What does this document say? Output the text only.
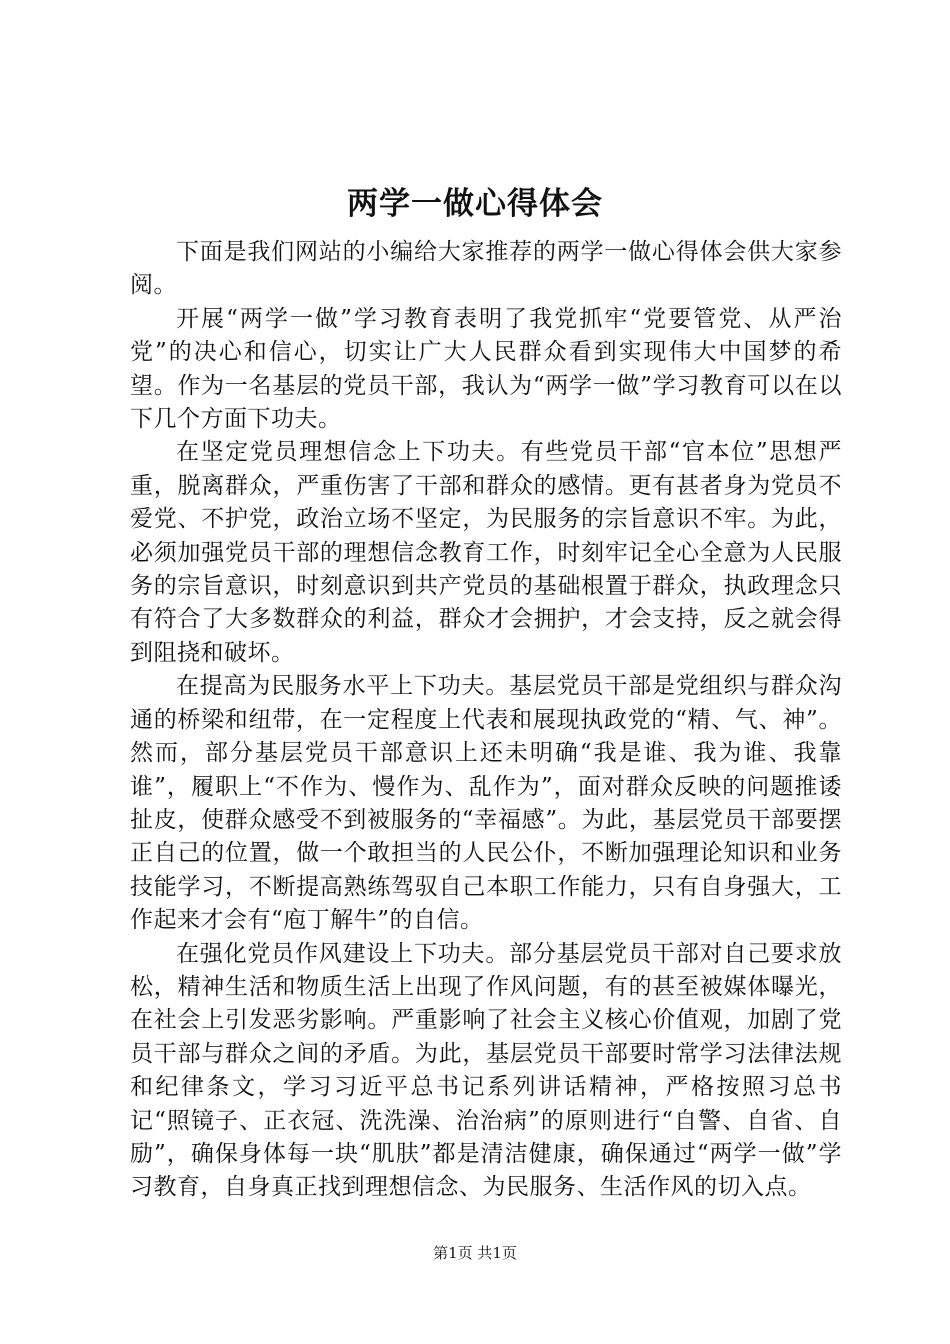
两学一做心得体会

下面是我们网站的小编给大家推荐的两学一做心得体会供大家参阅。

开展“两学一做”学习教育表明了我党抓牢“党要管党、从严治党”的决心和信心，切实让广大人民群众看到实现伟大中国梦的希望。作为一名基层的党员干部，我认为“两学一做”学习教育可以在以下几个方面下功夫。

在坚定党员理想信念上下功夫。有些党员干部“官本位”思想严重，脱离群众，严重伤害了干部和群众的感情。更有甚者身为党员不爱党、不护党，政治立场不坚定，为民服务的宗旨意识不牢。为此，必须加强党员干部的理想信念教育工作，时刻牢记全心全意为人民服务的宗旨意识，时刻意识到共产党员的基础根置于群众，执政理念只有符合了大多数群众的利益，群众才会拥护，才会支持，反之就会得到阻挠和破坏。

在提高为民服务水平上下功夫。基层党员干部是党组织与群众沟通的桥梁和纽带，在一定程度上代表和展现执政党的“精、气、神”。然而，部分基层党员干部意识上还未明确“我是谁、我为谁、我靠谁”，履职上“不作为、慢作为、乱作为”，面对群众反映的问题推诿扯皮，使群众感受不到被服务的“幸福感”。为此，基层党员干部要摆正自己的位置，做一个敢担当的人民公仆，不断加强理论知识和业务技能学习，不断提高熟练驾驭自己本职工作能力，只有自身强大，工作起来才会有“庖丁解牛”的自信。

在强化党员作风建设上下功夫。部分基层党员干部对自己要求放松，精神生活和物质生活上出现了作风问题，有的甚至被媒体曝光，在社会上引发恶劣影响。严重影响了社会主义核心价值观，加剧了党员干部与群众之间的矛盾。为此，基层党员干部要时常学习法律法规和纪律条文，学习习近平总书记系列讲话精神，严格按照习总书记“照镜子、正衣冠、洗洗澡、治治病”的原则进行“自警、自省、自励”，确保身体每一块“肌肤”都是清洁健康，确保通过“两学一做”学习教育，自身真正找到理想信念、为民服务、生活作风的切入点。

第1页 共1页
